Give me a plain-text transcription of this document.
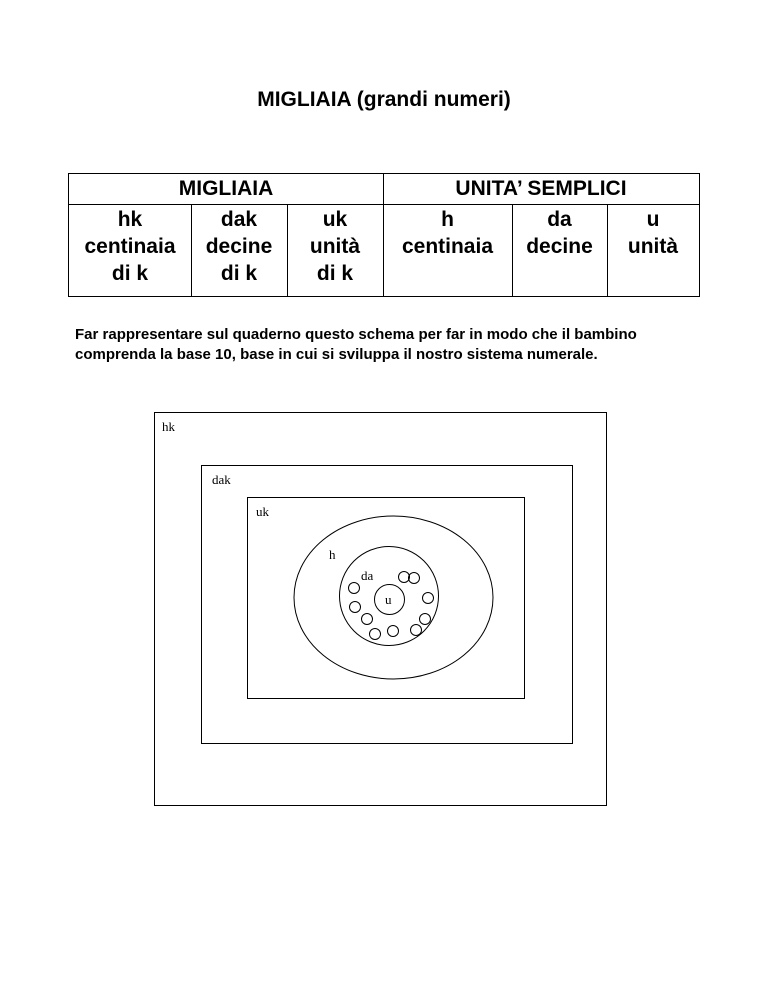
MIGLIAIA (grandi numeri)
MIGLIAIA	UNITA’ SEMPLICI
hk
centinaia
di k
dak
decine
di k
uk
unità
di k
h
centinaia
da
decine
u
unità
Far rappresentare sul quaderno questo schema per far in modo che il bambino comprenda la base 10, base in cui si sviluppa il nostro sistema numerale.
hk
dak
uk
h
da
u
